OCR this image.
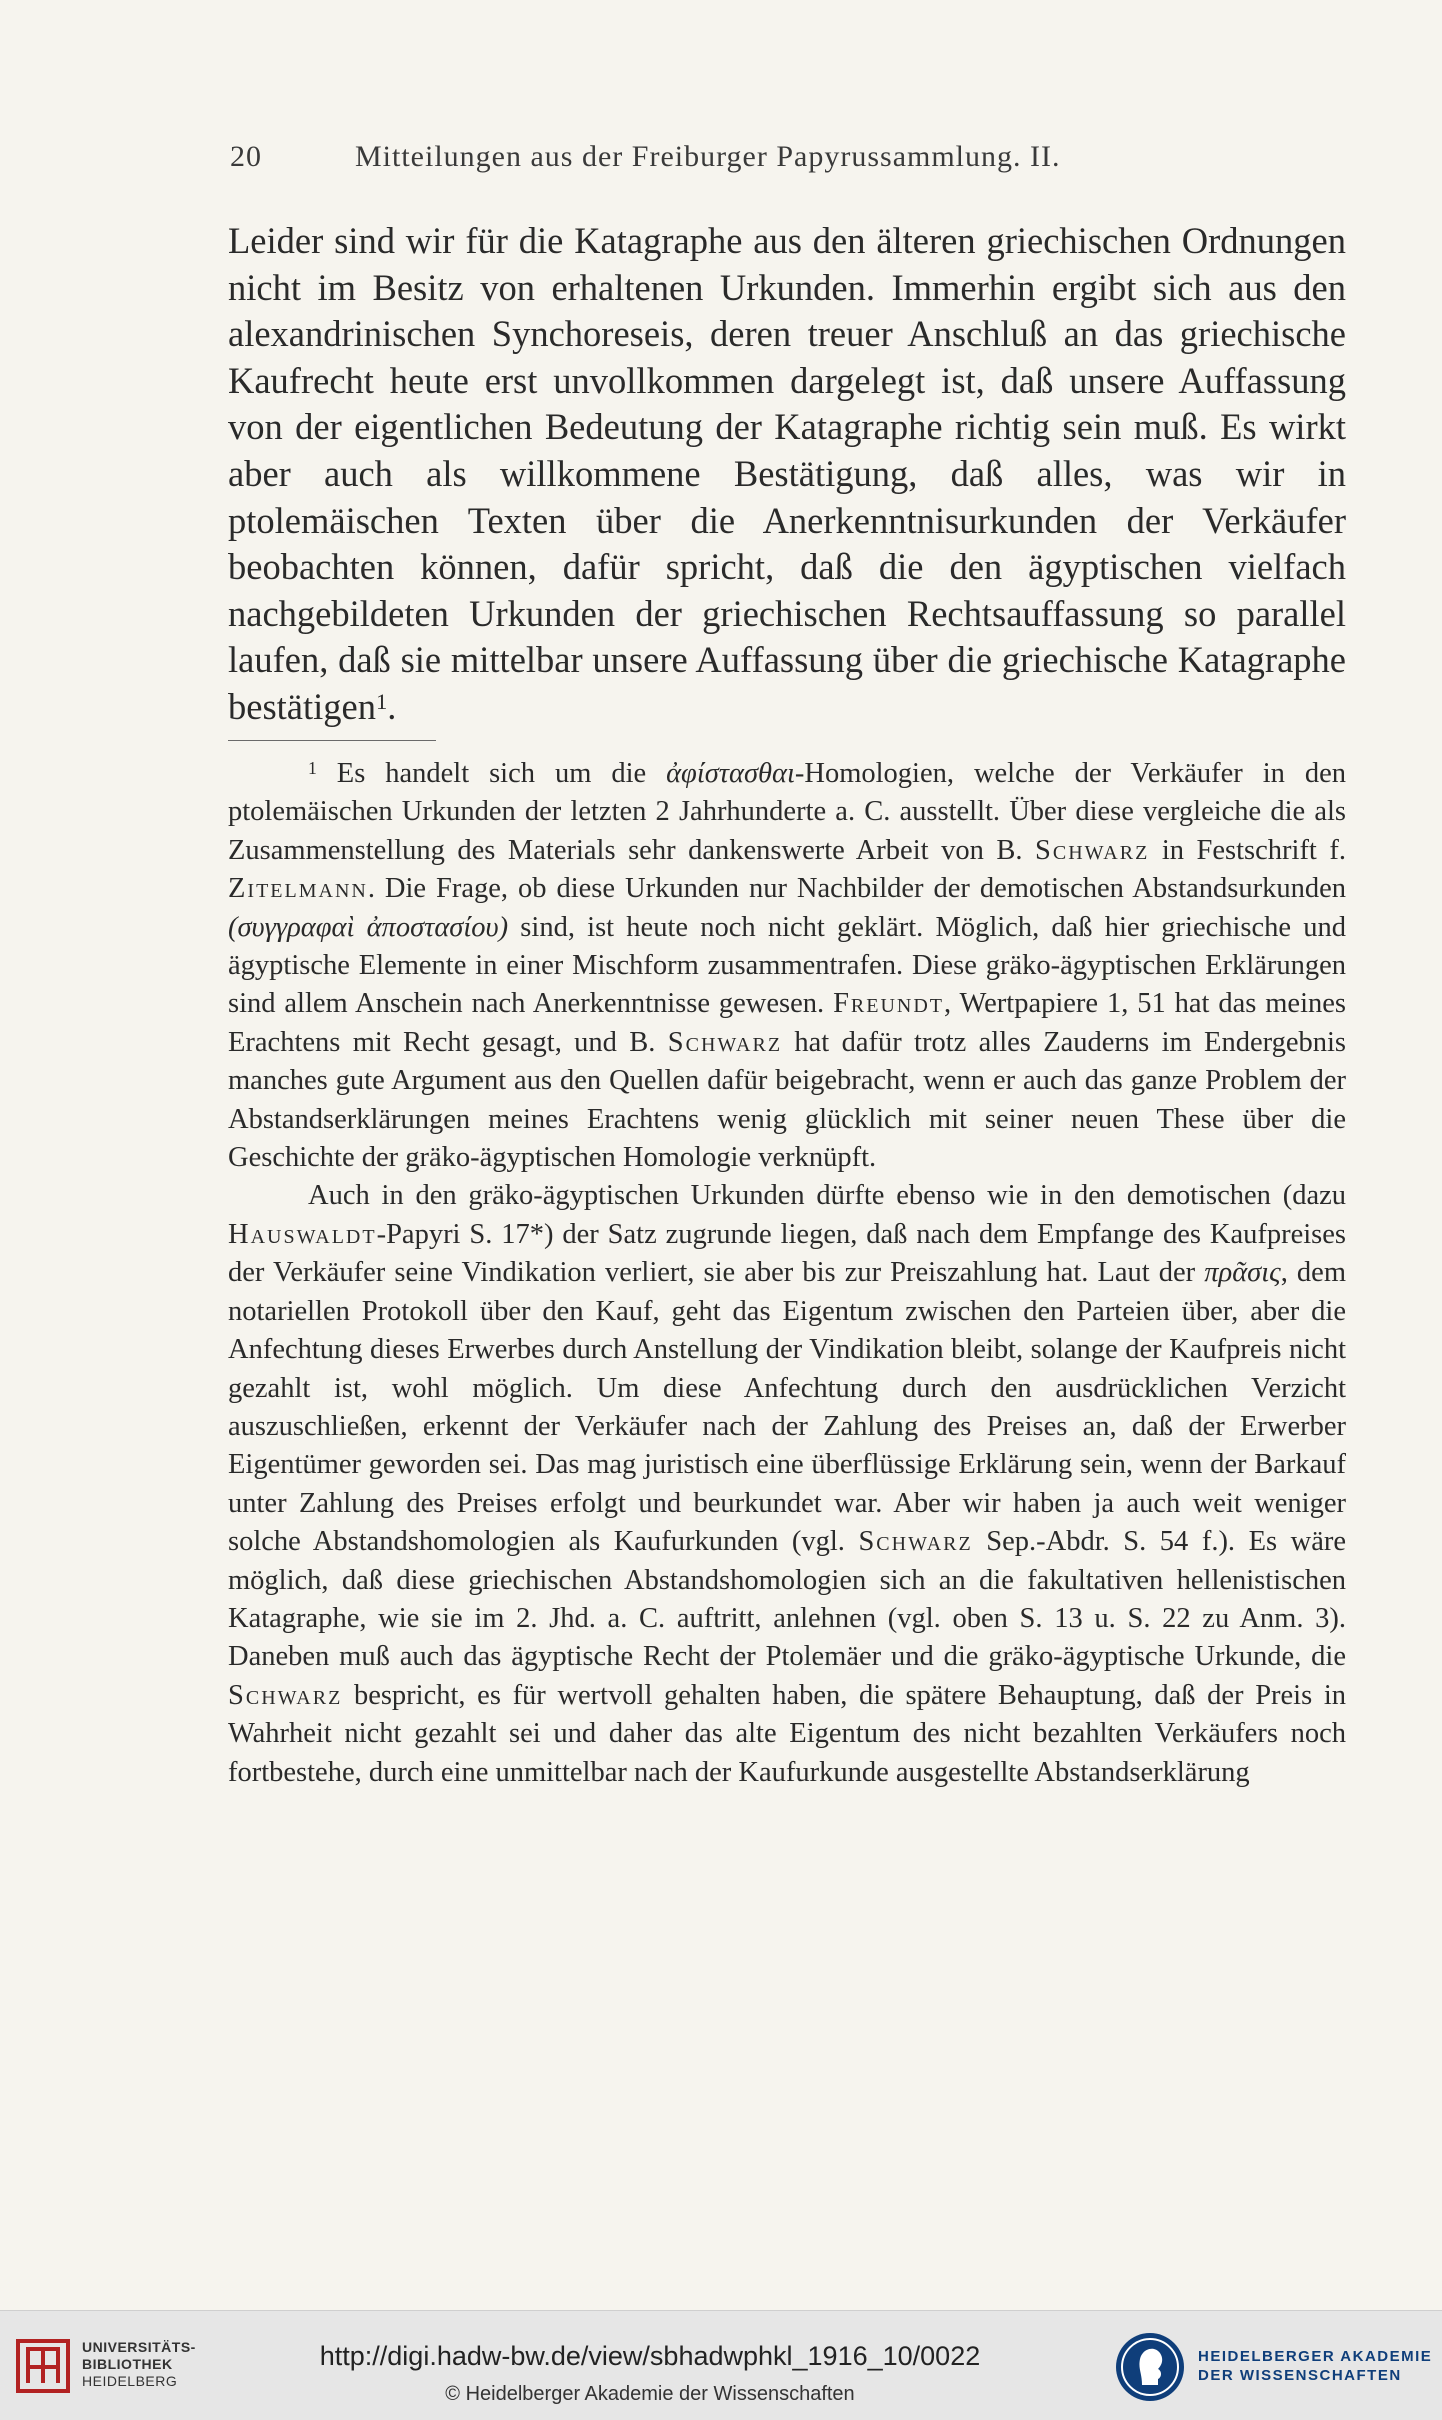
20	Mitteilungen aus der Freiburger Papyrussammlung. II.

Leider sind wir für die Katagraphe aus den älteren griechischen Ordnungen nicht im Besitz von erhaltenen Urkunden. Immerhin ergibt sich aus den alexandrinischen Synchoreseis, deren treuer Anschluß an das griechische Kaufrecht heute erst unvollkommen dargelegt ist, daß unsere Auffassung von der eigentlichen Bedeutung der Katagraphe richtig sein muß. Es wirkt aber auch als willkommene Bestätigung, daß alles, was wir in ptolemäischen Texten über die Anerkenntnisurkunden der Verkäufer beobachten können, dafür spricht, daß die den ägyptischen vielfach nachgebildeten Urkunden der griechischen Rechtsauffassung so parallel laufen, daß sie mittelbar unsere Auffassung über die griechische Katagraphe bestätigen$^1$.

$^1$ Es handelt sich um die ἀφίστασθαι-Homologien, welche der Verkäufer in den ptolemäischen Urkunden der letzten 2 Jahrhunderte a. C. ausstellt. Über diese vergleiche die als Zusammenstellung des Materials sehr dankenswerte Arbeit von B. Schwarz in Festschrift f. Zitelmann. Die Frage, ob diese Urkunden nur Nachbilder der demotischen Abstandsurkunden (συγγραφαὶ ἀποστασίου) sind, ist heute noch nicht geklärt. Möglich, daß hier griechische und ägyptische Elemente in einer Mischform zusammentrafen. Diese gräko-ägyptischen Erklärungen sind allem Anschein nach Anerkenntnisse gewesen. Freundt, Wertpapiere 1, 51 hat das meines Erachtens mit Recht gesagt, und B. Schwarz hat dafür trotz alles Zauderns im Endergebnis manches gute Argument aus den Quellen dafür beigebracht, wenn er auch das ganze Problem der Abstandserklärungen meines Erachtens wenig glücklich mit seiner neuen These über die Geschichte der gräko-ägyptischen Homologie verknüpft.

Auch in den gräko-ägyptischen Urkunden dürfte ebenso wie in den demotischen (dazu Hauswaldt-Papyri S. 17*) der Satz zugrunde liegen, daß nach dem Empfange des Kaufpreises der Verkäufer seine Vindikation verliert, sie aber bis zur Preiszahlung hat. Laut der πρᾶσις, dem notariellen Protokoll über den Kauf, geht das Eigentum zwischen den Parteien über, aber die Anfechtung dieses Erwerbes durch Anstellung der Vindikation bleibt, solange der Kaufpreis nicht gezahlt ist, wohl möglich. Um diese Anfechtung durch den ausdrücklichen Verzicht auszuschließen, erkennt der Verkäufer nach der Zahlung des Preises an, daß der Erwerber Eigentümer geworden sei. Das mag juristisch eine überflüssige Erklärung sein, wenn der Barkauf unter Zahlung des Preises erfolgt und beurkundet war. Aber wir haben ja auch weit weniger solche Abstandshomologien als Kaufurkunden (vgl. Schwarz Sep.-Abdr. S. 54 f.). Es wäre möglich, daß diese griechischen Abstandshomologien sich an die fakultativen hellenistischen Katagraphe, wie sie im 2. Jhd. a. C. auftritt, anlehnen (vgl. oben S. 13 u. S. 22 zu Anm. 3). Daneben muß auch das ägyptische Recht der Ptolemäer und die gräko-ägyptische Urkunde, die Schwarz bespricht, es für wertvoll gehalten haben, die spätere Behauptung, daß der Preis in Wahrheit nicht gezahlt sei und daher das alte Eigentum des nicht bezahlten Verkäufers noch fortbestehe, durch eine unmittelbar nach der Kaufurkunde ausgestellte Abstandserklärung

UNIVERSITÄTS-
BIBLIOTHEK
HEIDELBERG
http://digi.hadw-bw.de/view/sbhadwphkl_1916_10/0022
© Heidelberger Akademie der Wissenschaften
HEIDELBERGER AKADEMIE
DER WISSENSCHAFTEN
